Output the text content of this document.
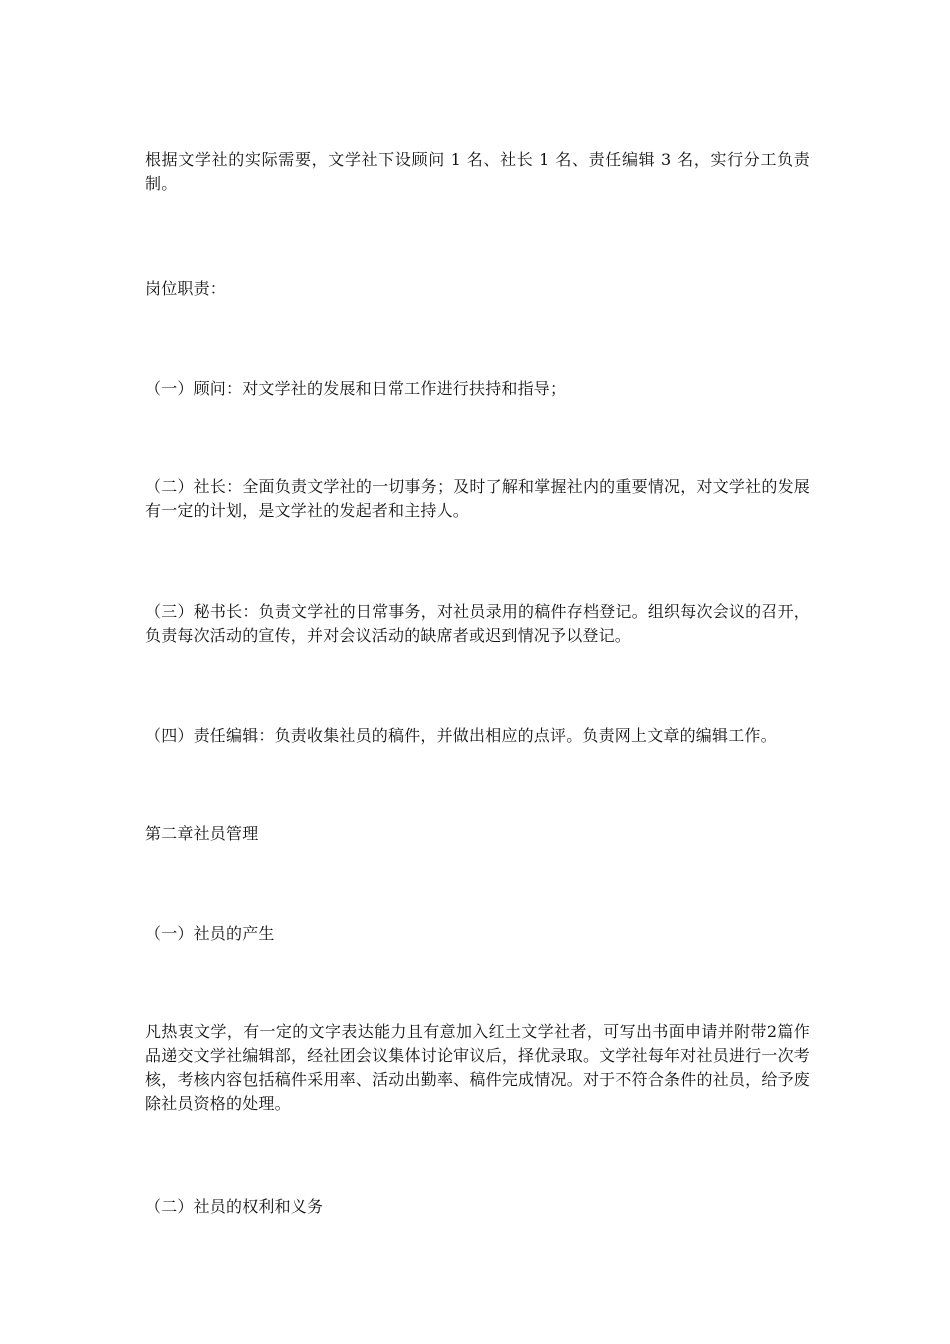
根据文学社的实际需要，文学社下设顾问 1 名、社长 1 名、责任编辑 3 名，实行分工负责制。

岗位职责：

（一）顾问：对文学社的发展和日常工作进行扶持和指导；

（二）社长：全面负责文学社的一切事务；及时了解和掌握社内的重要情况，对文学社的发展有一定的计划，是文学社的发起者和主持人。

（三）秘书长：负责文学社的日常事务，对社员录用的稿件存档登记。组织每次会议的召开，负责每次活动的宣传，并对会议活动的缺席者或迟到情况予以登记。

（四）责任编辑：负责收集社员的稿件，并做出相应的点评。负责网上文章的编辑工作。

第二章社员管理

（一）社员的产生

凡热衷文学，有一定的文字表达能力且有意加入红土文学社者，可写出书面申请并附带2篇作品递交文学社编辑部，经社团会议集体讨论审议后，择优录取。文学社每年对社员进行一次考核，考核内容包括稿件采用率、活动出勤率、稿件完成情况。对于不符合条件的社员，给予废除社员资格的处理。

（二）社员的权利和义务
